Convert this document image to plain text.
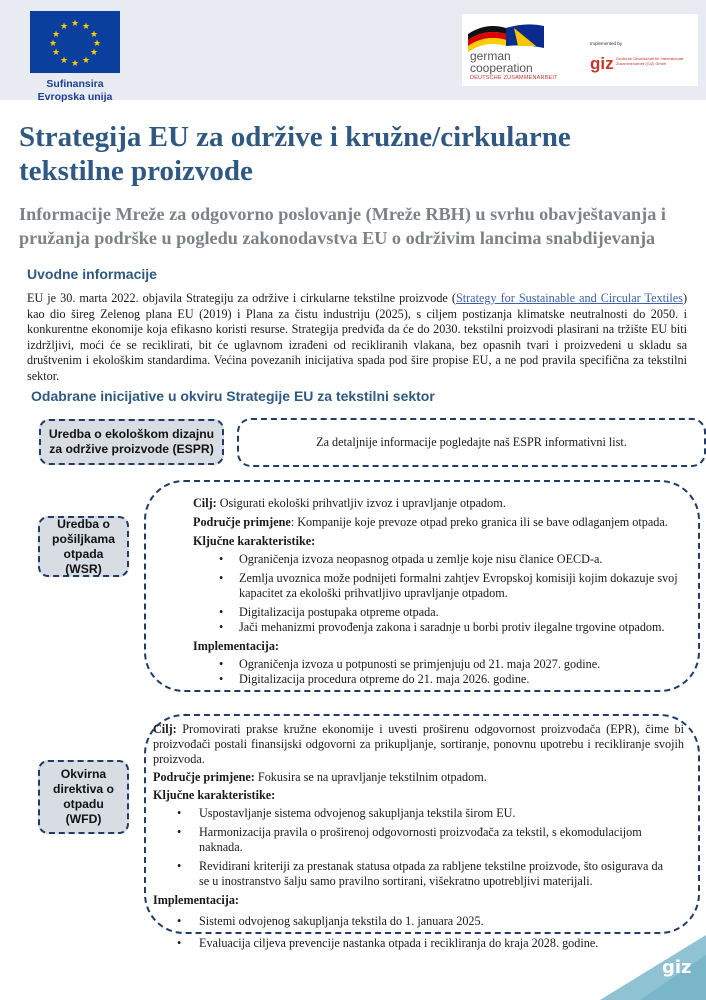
★ ★
★
★
★
★
★
★
★
★
★
★
Sufinansira
Evropska unija
german
cooperation
DEUTSCHE ZUSAMMENARBEIT
Implemented by
giz Deutsche Gesellschaft für Internationale Zusammenarbeit (GIZ) GmbH
Strategija EU za održive i kružne/cirkularne tekstilne proizvode
Informacije Mreže za odgovorno poslovanje (Mreže RBH) u svrhu obavještavanja i pružanja podrške u pogledu zakonodavstva EU o održivim lancima snabdijevanja
Uvodne informacije
EU je 30. marta 2022. objavila Strategiju za održive i cirkularne tekstilne proizvode (Strategy for Sustainable and Circular Textiles) kao dio šireg Zelenog plana EU (2019) i Plana za čistu industriju (2025), s ciljem postizanja klimatske neutralnosti do 2050. i konkurentne ekonomije koja efikasno koristi resurse. Strategija predviđa da će do 2030. tekstilni proizvodi plasirani na tržište EU biti izdržljivi, moći će se reciklirati, bit će uglavnom izrađeni od recikliranih vlakana, bez opasnih tvari i proizvedeni u skladu sa društvenim i ekološkim standardima. Većina povezanih inicijativa spada pod šire propise EU, a ne pod pravila specifična za tekstilni sektor.
Odabrane inicijative u okviru Strategije EU za tekstilni sektor
Uredba o ekološkom dizajnu za održive proizvode (ESPR)	Za detaljnije informacije pogledajte naš ESPR informativni list.
Uredba o pošiljkama otpada (WSR)

Cilj: Osigurati ekološki prihvatljiv izvoz i upravljanje otpadom.

Područje primjene: Kompanije koje prevoze otpad preko granica ili se bave odlaganjem otpada.

Ključne karakteristike:

• Ograničenja izvoza neopasnog otpada u zemlje koje nisu članice OECD-a.
• Zemlja uvoznica može podnijeti formalni zahtjev Evropskoj komisiji kojim dokazuje svoj kapacitet za ekološki prihvatljivo upravljanje otpadom.
• Digitalizacija postupaka otpreme otpada.
• Jači mehanizmi provođenja zakona i saradnje u borbi protiv ilegalne trgovine otpadom.

Implementacija:

• Ograničenja izvoza u potpunosti se primjenjuju od 21. maja 2027. godine.
• Digitalizacija procedura otpreme do 21. maja 2026. godine.
Okvirna direktiva o otpadu (WFD)

Cilj: Promovirati prakse kružne ekonomije i uvesti proširenu odgovornost proizvođača (EPR), čime bi proizvođači postali finansijski odgovorni za prikupljanje, sortiranje, ponovnu upotrebu i recikliranje svojih proizvoda.

Područje primjene: Fokusira se na upravljanje tekstilnim otpadom.

Ključne karakteristike:

• Uspostavljanje sistema odvojenog sakupljanja tekstila širom EU.
• Harmonizacija pravila o proširenoj odgovornosti proizvođača za tekstil, s ekomodulacijom naknada.
• Revidirani kriteriji za prestanak statusa otpada za rabljene tekstilne proizvode, što osigurava da se u inostranstvo šalju samo pravilno sortirani, višekratno upotrebljivi materijali.

Implementacija:

• Sistemi odvojenog sakupljanja tekstila do 1. januara 2025.
• Evaluacija ciljeva prevencije nastanka otpada i recikliranja do kraja 2028. godine.
giz
